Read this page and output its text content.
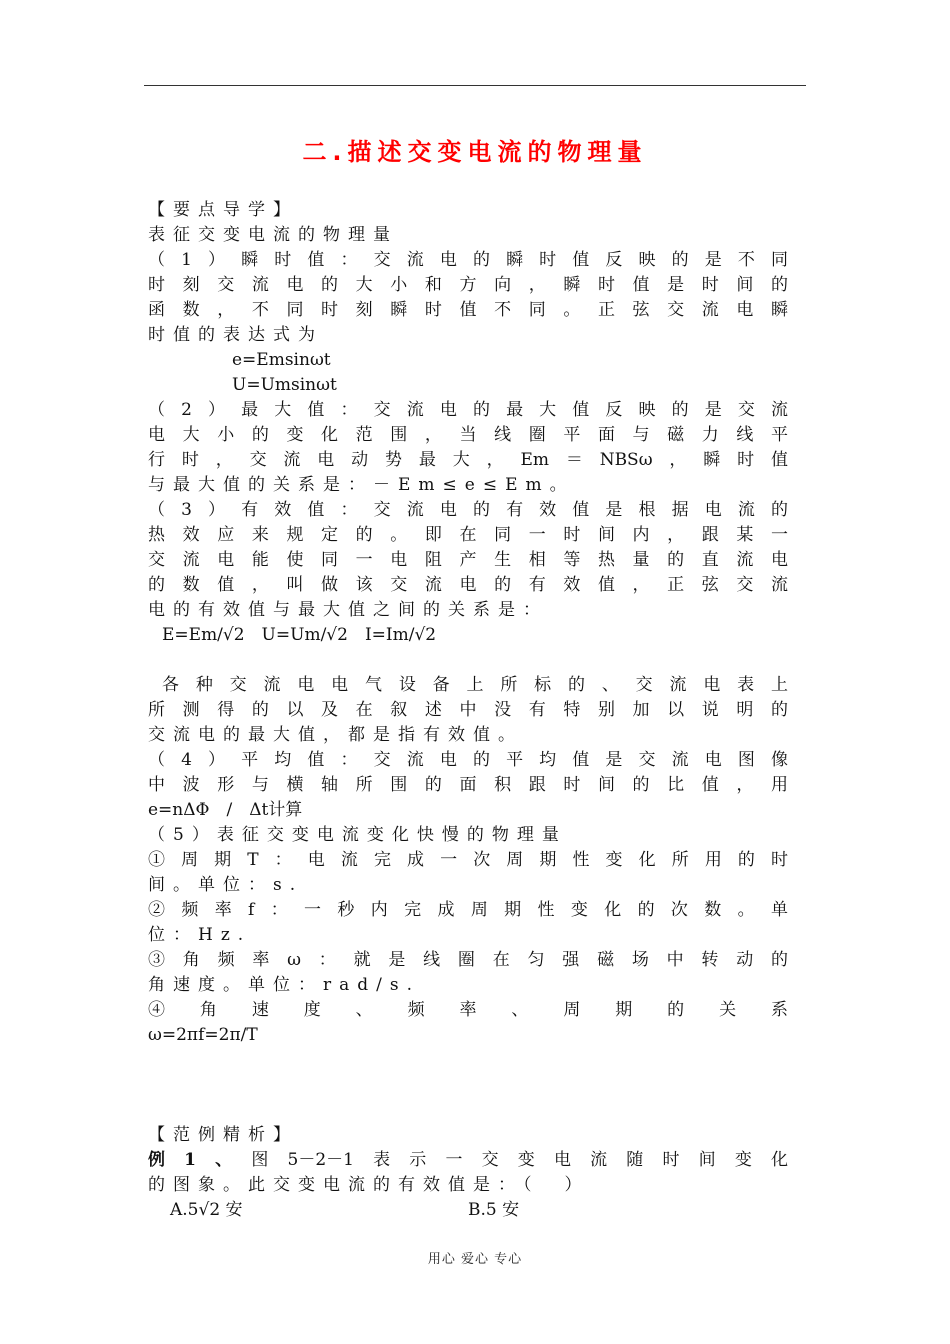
二.描述交变电流的物理量
【要点导学】
表征交变电流的物理量
（1）瞬时值：交流电的瞬时值反映的是不同
时刻交流电的大小和方向，瞬时值是时间的
函数，不同时刻瞬时值不同。正弦交流电瞬
时值的表达式为
e=Emsinωt
U=Umsinωt
（2）最大值：交流电的最大值反映的是交流
电大小的变化范围，当线圈平面与磁力线平
行时，交流电动势最大，Em＝NBSω，瞬时值
与最大值的关系是：－Em≤e≤Em。
（3）有效值：交流电的有效值是根据电流的
热效应来规定的。即在同一时间内，跟某一
交流电能使同一电阻产生相等热量的直流电
的数值，叫做该交流电的有效值，正弦交流
电的有效值与最大值之间的关系是：
E=Em/√2　U=Um/√2　I=Im/√2
各种交流电电气设备上所标的、交流电表上
所测得的以及在叙述中没有特别加以说明的
交流电的最大值，都是指有效值。
（4）平均值：交流电的平均值是交流电图像
中波形与横轴所围的面积跟时间的比值，用
e=nΔΦ　/　Δt计算
（5）表征交变电流变化快慢的物理量
①周期T：电流完成一次周期性变化所用的时
间。单位：s.
②频率f：一秒内完成周期性变化的次数。单
位：Hz.
③角频率ω：就是线圈在匀强磁场中转动的
角速度。单位：rad/s.
④角速度、频率、周期的关系
ω=2πf=2π/T
【范例精析】
例1、图5－2－1表示一交变电流随时间变化
的图象。此交变电流的有效值是：（　）
A.5√2 安	B.5 安
用心 爱心 专心
